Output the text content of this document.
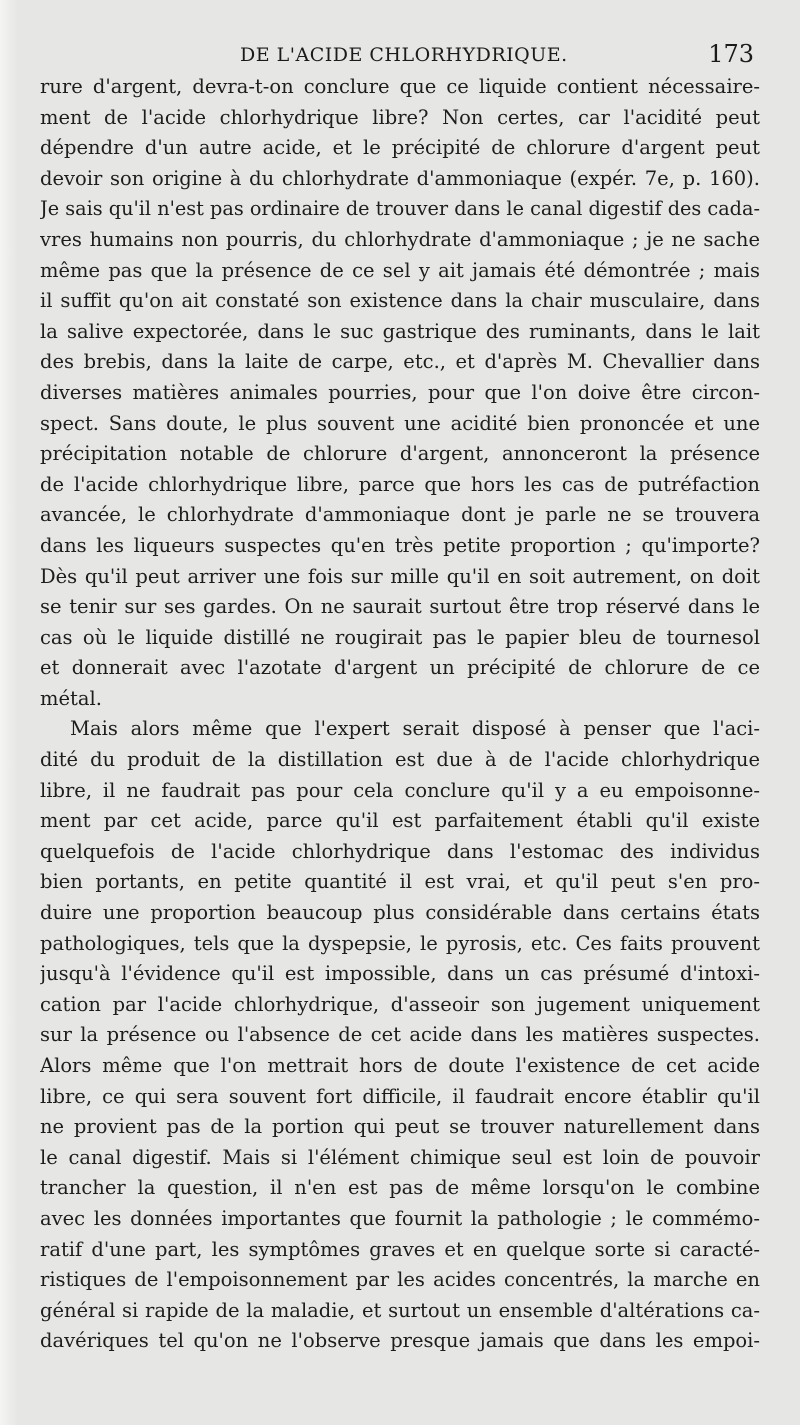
DE L'ACIDE CHLORHYDRIQUE.	173
rure d'argent, devra-t-on conclure que ce liquide contient nécessaire-
ment de l'acide chlorhydrique libre? Non certes, car l'acidité peut
dépendre d'un autre acide, et le précipité de chlorure d'argent peut
devoir son origine à du chlorhydrate d'ammoniaque (expér. 7e, p. 160).
Je sais qu'il n'est pas ordinaire de trouver dans le canal digestif des cada-
vres humains non pourris, du chlorhydrate d'ammoniaque ; je ne sache
même pas que la présence de ce sel y ait jamais été démontrée ; mais
il suffit qu'on ait constaté son existence dans la chair musculaire, dans
la salive expectorée, dans le suc gastrique des ruminants, dans le lait
des brebis, dans la laite de carpe, etc., et d'après M. Chevallier dans
diverses matières animales pourries, pour que l'on doive être circon-
spect. Sans doute, le plus souvent une acidité bien prononcée et une
précipitation notable de chlorure d'argent, annonceront la présence
de l'acide chlorhydrique libre, parce que hors les cas de putréfaction
avancée, le chlorhydrate d'ammoniaque dont je parle ne se trouvera
dans les liqueurs suspectes qu'en très petite proportion ; qu'importe?
Dès qu'il peut arriver une fois sur mille qu'il en soit autrement, on doit
se tenir sur ses gardes. On ne saurait surtout être trop réservé dans le
cas où le liquide distillé ne rougirait pas le papier bleu de tournesol
et donnerait avec l'azotate d'argent un précipité de chlorure de ce
métal.
Mais alors même que l'expert serait disposé à penser que l'aci-
dité du produit de la distillation est due à de l'acide chlorhydrique
libre, il ne faudrait pas pour cela conclure qu'il y a eu empoisonne-
ment par cet acide, parce qu'il est parfaitement établi qu'il existe
quelquefois de l'acide chlorhydrique dans l'estomac des individus
bien portants, en petite quantité il est vrai, et qu'il peut s'en pro-
duire une proportion beaucoup plus considérable dans certains états
pathologiques, tels que la dyspepsie, le pyrosis, etc. Ces faits prouvent
jusqu'à l'évidence qu'il est impossible, dans un cas présumé d'intoxi-
cation par l'acide chlorhydrique, d'asseoir son jugement uniquement
sur la présence ou l'absence de cet acide dans les matières suspectes.
Alors même que l'on mettrait hors de doute l'existence de cet acide
libre, ce qui sera souvent fort difficile, il faudrait encore établir qu'il
ne provient pas de la portion qui peut se trouver naturellement dans
le canal digestif. Mais si l'élément chimique seul est loin de pouvoir
trancher la question, il n'en est pas de même lorsqu'on le combine
avec les données importantes que fournit la pathologie ; le commémo-
ratif d'une part, les symptômes graves et en quelque sorte si caracté-
ristiques de l'empoisonnement par les acides concentrés, la marche en
général si rapide de la maladie, et surtout un ensemble d'altérations ca-
davériques tel qu'on ne l'observe presque jamais que dans les empoi-
